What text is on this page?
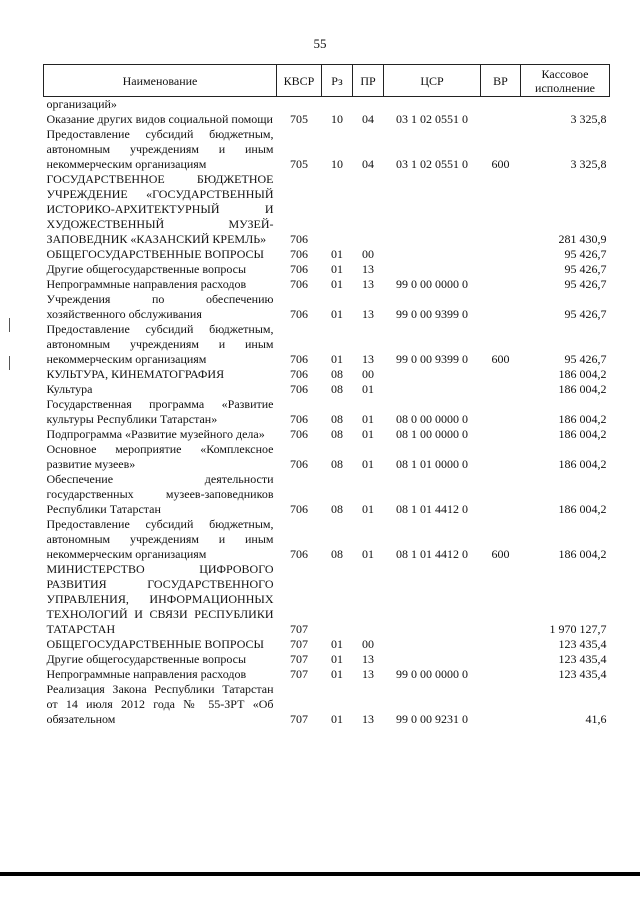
55
Наименование	КВСР	Рз	ПР	ЦСР	ВР	Кассовое исполнение
организаций»						
Оказание других видов социальной помощи	705	10	04	03 1 02 0551 0		3 325,8
Предоставление субсидий бюджетным, автономным учреждениям и иным некоммерческим организациям	705	10	04	03 1 02 0551 0	600	3 325,8
ГОСУДАРСТВЕННОЕ БЮДЖЕТНОЕ УЧРЕЖДЕНИЕ «ГОСУДАРСТВЕННЫЙ ИСТОРИКО-АРХИТЕКТУРНЫЙ И ХУДОЖЕСТВЕННЫЙ МУЗЕЙ-ЗАПОВЕДНИК «КАЗАНСКИЙ КРЕМЛЬ»	706					281 430,9
ОБЩЕГОСУДАРСТВЕННЫЕ ВОПРОСЫ	706	01	00			95 426,7
Другие общегосударственные вопросы	706	01	13			95 426,7
Непрограммные направления расходов	706	01	13	99 0 00 0000 0		95 426,7
Учреждения по обеспечению хозяйственного обслуживания	706	01	13	99 0 00 9399 0		95 426,7
Предоставление субсидий бюджетным, автономным учреждениям и иным некоммерческим организациям	706	01	13	99 0 00 9399 0	600	95 426,7
КУЛЬТУРА, КИНЕМАТОГРАФИЯ	706	08	00			186 004,2
Культура	706	08	01			186 004,2
Государственная программа «Развитие культуры Республики Татарстан»	706	08	01	08 0 00 0000 0		186 004,2
Подпрограмма «Развитие музейного дела»	706	08	01	08 1 00 0000 0		186 004,2
Основное мероприятие «Комплексное развитие музеев»	706	08	01	08 1 01 0000 0		186 004,2
Обеспечение деятельности государственных музеев-заповедников Республики Татарстан	706	08	01	08 1 01 4412 0		186 004,2
Предоставление субсидий бюджетным, автономным учреждениям и иным некоммерческим организациям	706	08	01	08 1 01 4412 0	600	186 004,2
МИНИСТЕРСТВО ЦИФРОВОГО РАЗВИТИЯ ГОСУДАРСТВЕННОГО УПРАВЛЕНИЯ, ИНФОРМАЦИОННЫХ ТЕХНОЛОГИЙ И СВЯЗИ РЕСПУБЛИКИ ТАТАРСТАН	707					1 970 127,7
ОБЩЕГОСУДАРСТВЕННЫЕ ВОПРОСЫ	707	01	00			123 435,4
Другие общегосударственные вопросы	707	01	13			123 435,4
Непрограммные направления расходов	707	01	13	99 0 00 0000 0		123 435,4
Реализация Закона Республики Татарстан от 14 июля 2012 года № 55-ЗРТ «Об обязательном	707	01	13	99 0 00 9231 0		41,6
